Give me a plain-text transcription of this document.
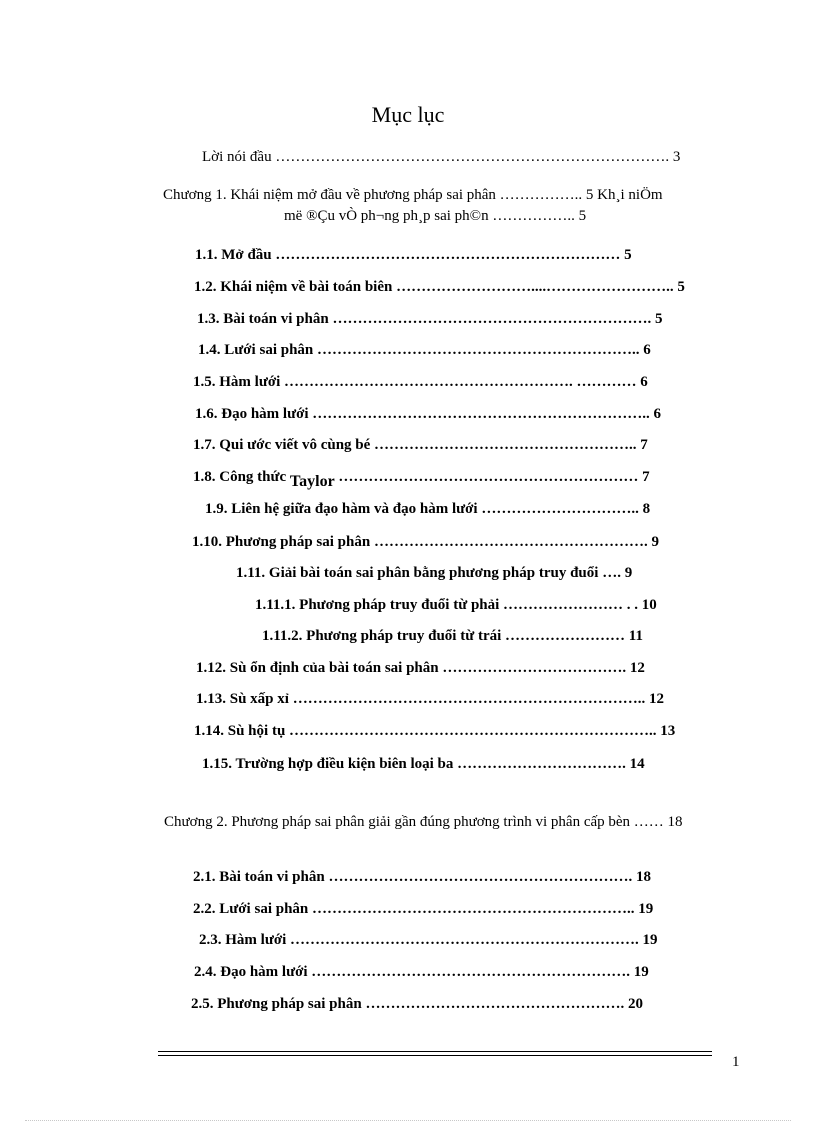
Mục lục
Lời nói đầu ……………………………………………………………………. 3
Chương 1. Khái niệm mở đầu về phương pháp sai phân …………….. 5 Kh¸i niÖm
më ®Çu vÒ ph¬ng ph¸p sai ph©n …………….. 5
1.1. Mở đầu …………………………………………………………… 5
1.2. Khái niệm về bài toán biên ………………………....…………………….. 5
1.3. Bài toán vi phân ………………………………………………………. 5
1.4. Lưới sai phân ……………………………………………………….. 6
1.5. Hàm lưới …………………………………………………. ………… 6
1.6. Đạo hàm lưới ………………………………………………………….. 6
1.7. Qui ước viết vô cùng bé …………………………………………….. 7
1.8. Công thức Taylor …………………………………………………… 7
1.9. Liên hệ giữa đạo hàm và đạo hàm lưới ………………………….. 8
1.10. Phương pháp sai phân ………………………………………………. 9
1.11. Giải bài toán sai phân bằng phương pháp truy đuổi …. 9
1.11.1. Phương pháp truy đuổi từ phải …………………… . . 10
1.11.2. Phương pháp truy đuổi từ trái …………………… 11
1.12. Sù ổn định của bài toán sai phân ………………………………. 12
1.13. Sù xấp xỉ …………………………………………………………….. 12
1.14. Sù hội tụ ……………………………………………………………….. 13
1.15. Trường hợp điều kiện biên loại ba ……………………………. 14
Chương 2. Phương pháp sai phân giải gần đúng phương trình vi phân cấp bèn …… 18
2.1. Bài toán vi phân ……………………………………………………. 18
2.2. Lưới sai phân ……………………………………………………….. 19
2.3. Hàm lưới ……………………………………………………………. 19
2.4. Đạo hàm lưới ………………………………………………………. 19
2.5. Phương pháp sai phân ……………………………………………. 20
1
